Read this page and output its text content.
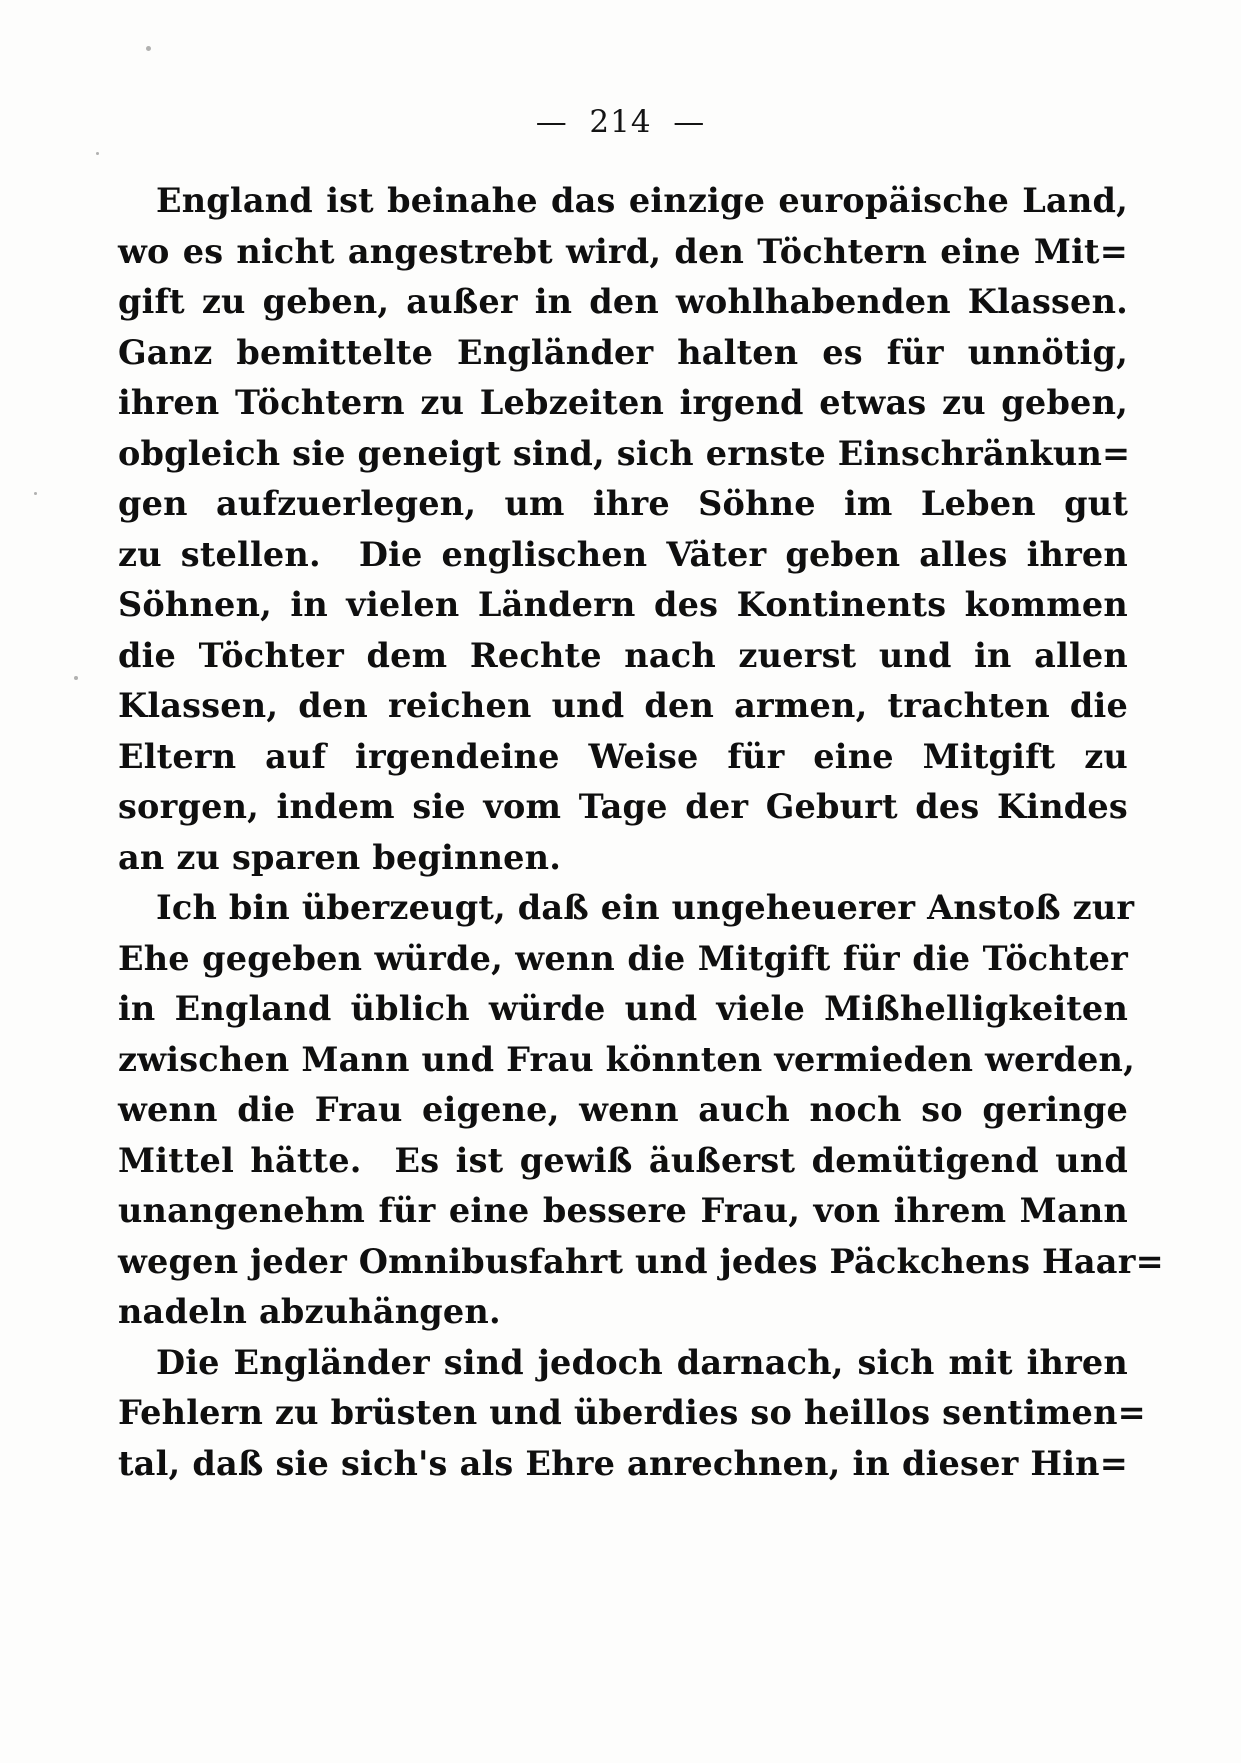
—  214  —

England ist beinahe das einzige europäische Land,
wo es nicht angestrebt wird, den Töchtern eine Mit=
gift zu geben, außer in den wohlhabenden Klassen.
Ganz bemittelte Engländer halten es für unnötig,
ihren Töchtern zu Lebzeiten irgend etwas zu geben,
obgleich sie geneigt sind, sich ernste Einschränkun=
gen aufzuerlegen, um ihre Söhne im Leben gut
zu stellen.  Die englischen Väter geben alles ihren
Söhnen, in vielen Ländern des Kontinents kommen
die Töchter dem Rechte nach zuerst und in allen
Klassen, den reichen und den armen, trachten die
Eltern auf irgendeine Weise für eine Mitgift zu
sorgen, indem sie vom Tage der Geburt des Kindes
an zu sparen beginnen.

Ich bin überzeugt, daß ein ungeheuerer Anstoß zur
Ehe gegeben würde, wenn die Mitgift für die Töchter
in England üblich würde und viele Mißhelligkeiten
zwischen Mann und Frau könnten vermieden werden,
wenn die Frau eigene, wenn auch noch so geringe
Mittel hätte.  Es ist gewiß äußerst demütigend und
unangenehm für eine bessere Frau, von ihrem Mann
wegen jeder Omnibusfahrt und jedes Päckchens Haar=
nadeln abzuhängen.

Die Engländer sind jedoch darnach, sich mit ihren
Fehlern zu brüsten und überdies so heillos sentimen=
tal, daß sie sich's als Ehre anrechnen, in dieser Hin=
